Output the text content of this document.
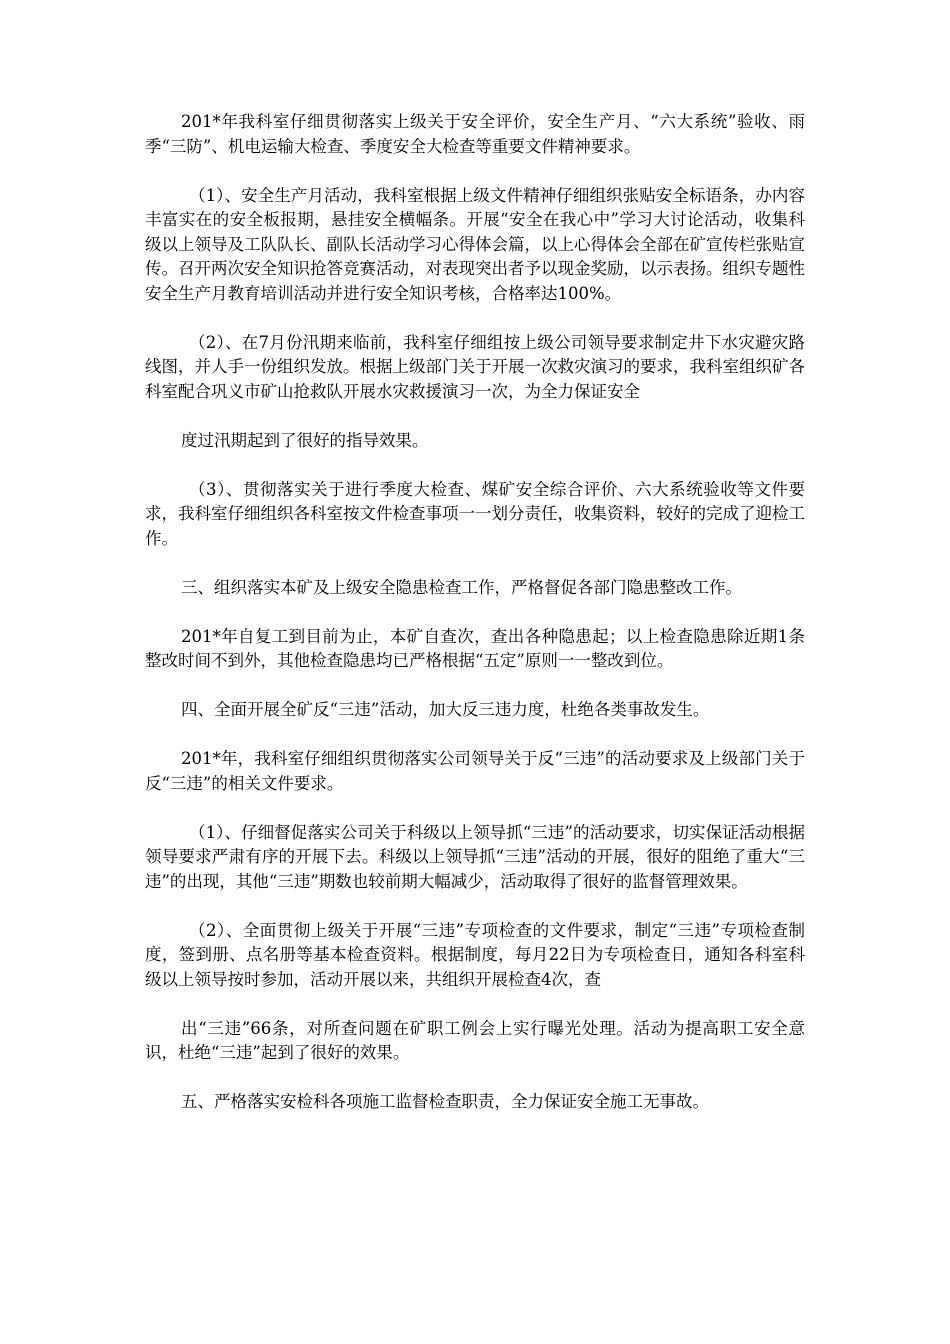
201*年我科室仔细贯彻落实上级关于安全评价，安全生产月、“六大系统”验收、雨季“三防”、机电运输大检查、季度安全大检查等重要文件精神要求。

（1）、安全生产月活动，我科室根据上级文件精神仔细组织张贴安全标语条，办内容丰富实在的安全板报期，悬挂安全横幅条。开展“安全在我心中”学习大讨论活动，收集科级以上领导及工队队长、副队长活动学习心得体会篇，以上心得体会全部在矿宣传栏张贴宣传。召开两次安全知识抢答竞赛活动，对表现突出者予以现金奖励，以示表扬。组织专题性安全生产月教育培训活动并进行安全知识考核，合格率达100%。

（2）、在7月份汛期来临前，我科室仔细组按上级公司领导要求制定井下水灾避灾路线图，并人手一份组织发放。根据上级部门关于开展一次救灾演习的要求，我科室组织矿各科室配合巩义市矿山抢救队开展水灾救援演习一次，为全力保证安全

度过汛期起到了很好的指导效果。

（3）、贯彻落实关于进行季度大检查、煤矿安全综合评价、六大系统验收等文件要求，我科室仔细组织各科室按文件检查事项一一划分责任，收集资料，较好的完成了迎检工作。

三、组织落实本矿及上级安全隐患检查工作，严格督促各部门隐患整改工作。

201*年自复工到目前为止，本矿自查次，查出各种隐患起；以上检查隐患除近期1条整改时间不到外，其他检查隐患均已严格根据“五定”原则一一整改到位。

四、全面开展全矿反“三违”活动，加大反三违力度，杜绝各类事故发生。

201*年，我科室仔细组织贯彻落实公司领导关于反“三违”的活动要求及上级部门关于反“三违”的相关文件要求。

（1）、仔细督促落实公司关于科级以上领导抓“三违”的活动要求，切实保证活动根据领导要求严肃有序的开展下去。科级以上领导抓“三违”活动的开展，很好的阻绝了重大“三违”的出现，其他“三违”期数也较前期大幅减少，活动取得了很好的监督管理效果。

（2）、全面贯彻上级关于开展“三违”专项检查的文件要求，制定“三违”专项检查制度，签到册、点名册等基本检查资料。根据制度，每月22日为专项检查日，通知各科室科级以上领导按时参加，活动开展以来，共组织开展检查4次，查

出“三违”66条，对所查问题在矿职工例会上实行曝光处理。活动为提高职工安全意识，杜绝“三违”起到了很好的效果。

五、严格落实安检科各项施工监督检查职责，全力保证安全施工无事故。
